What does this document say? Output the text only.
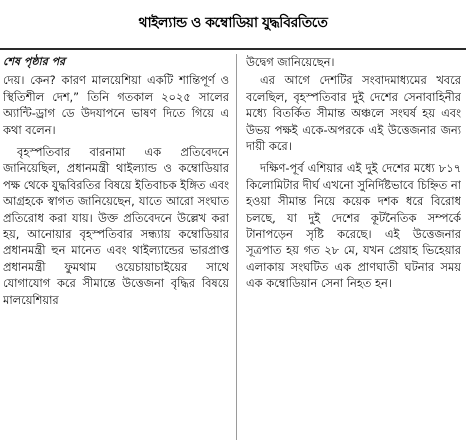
থাইল্যান্ড ও কম্বোডিয়া যুদ্ধবিরতিতে
শেষ পৃষ্ঠার পর

দেয়। কেন? কারণ মালয়েশিয়া একটি শান্তিপূর্ণ ও স্থিতিশীল দেশ,” তিনি গতকাল ২০২৫ সালের অ্যান্টি-ড্রাগ ডে উদযাপনে ভাষণ দিতে গিয়ে এ কথা বলেন।

বৃহস্পতিবার বারনামা এক প্রতিবেদনে জানিয়েছিল, প্রধানমন্ত্রী থাইল্যান্ড ও কম্বোডিয়ার পক্ষ থেকে যুদ্ধবিরতির বিষয়ে ইতিবাচক ইঙ্গিত এবং আগ্রহকে স্বাগত জানিয়েছেন, যাতে আরো সংঘাত প্রতিরোধ করা যায়। উক্ত প্রতিবেদনে উল্লেখ করা হয়, আনোয়ার বৃহস্পতিবার সন্ধ্যায় কম্বোডিয়ার প্রধানমন্ত্রী হুন মানেত এবং থাইল্যান্ডের ভারপ্রাপ্ত প্রধানমন্ত্রী ফুমথাম ওয়েচায়াচাইয়ের সাথে যোগাযোগ করে সীমান্তে উত্তেজনা বৃদ্ধির বিষয়ে মালয়েশিয়ার

উদ্বেগ জানিয়েছেন।

এর আগে দেশটির সংবাদমাধ্যমের খবরে বলেছিল, বৃহস্পতিবার দুই দেশের সেনাবাহিনীর মধ্যে বিতর্কিত সীমান্ত অঞ্চলে সংঘর্ষ হয় এবং উভয় পক্ষই একে-অপরকে এই উত্তেজনার জন্য দায়ী করে।

দক্ষিণ-পূর্ব এশিয়ার এই দুই দেশের মধ্যে ৮১৭ কিলোমিটার দীর্ঘ এখনো সুনির্দিষ্টভাবে চিহ্নিত না হওয়া সীমান্ত নিয়ে কয়েক দশক ধরে বিরোধ চলছে, যা দুই দেশের কূটনৈতিক সম্পর্কে টানাপড়েন সৃষ্টি করেছে। এই উত্তেজনার সূত্রপাত হয় গত ২৮ মে, যখন প্রেয়াহ ভিহেয়ার এলাকায় সংঘটিত এক প্রাণঘাতী ঘটনার সময় এক কম্বোডিয়ান সেনা নিহত হন।
